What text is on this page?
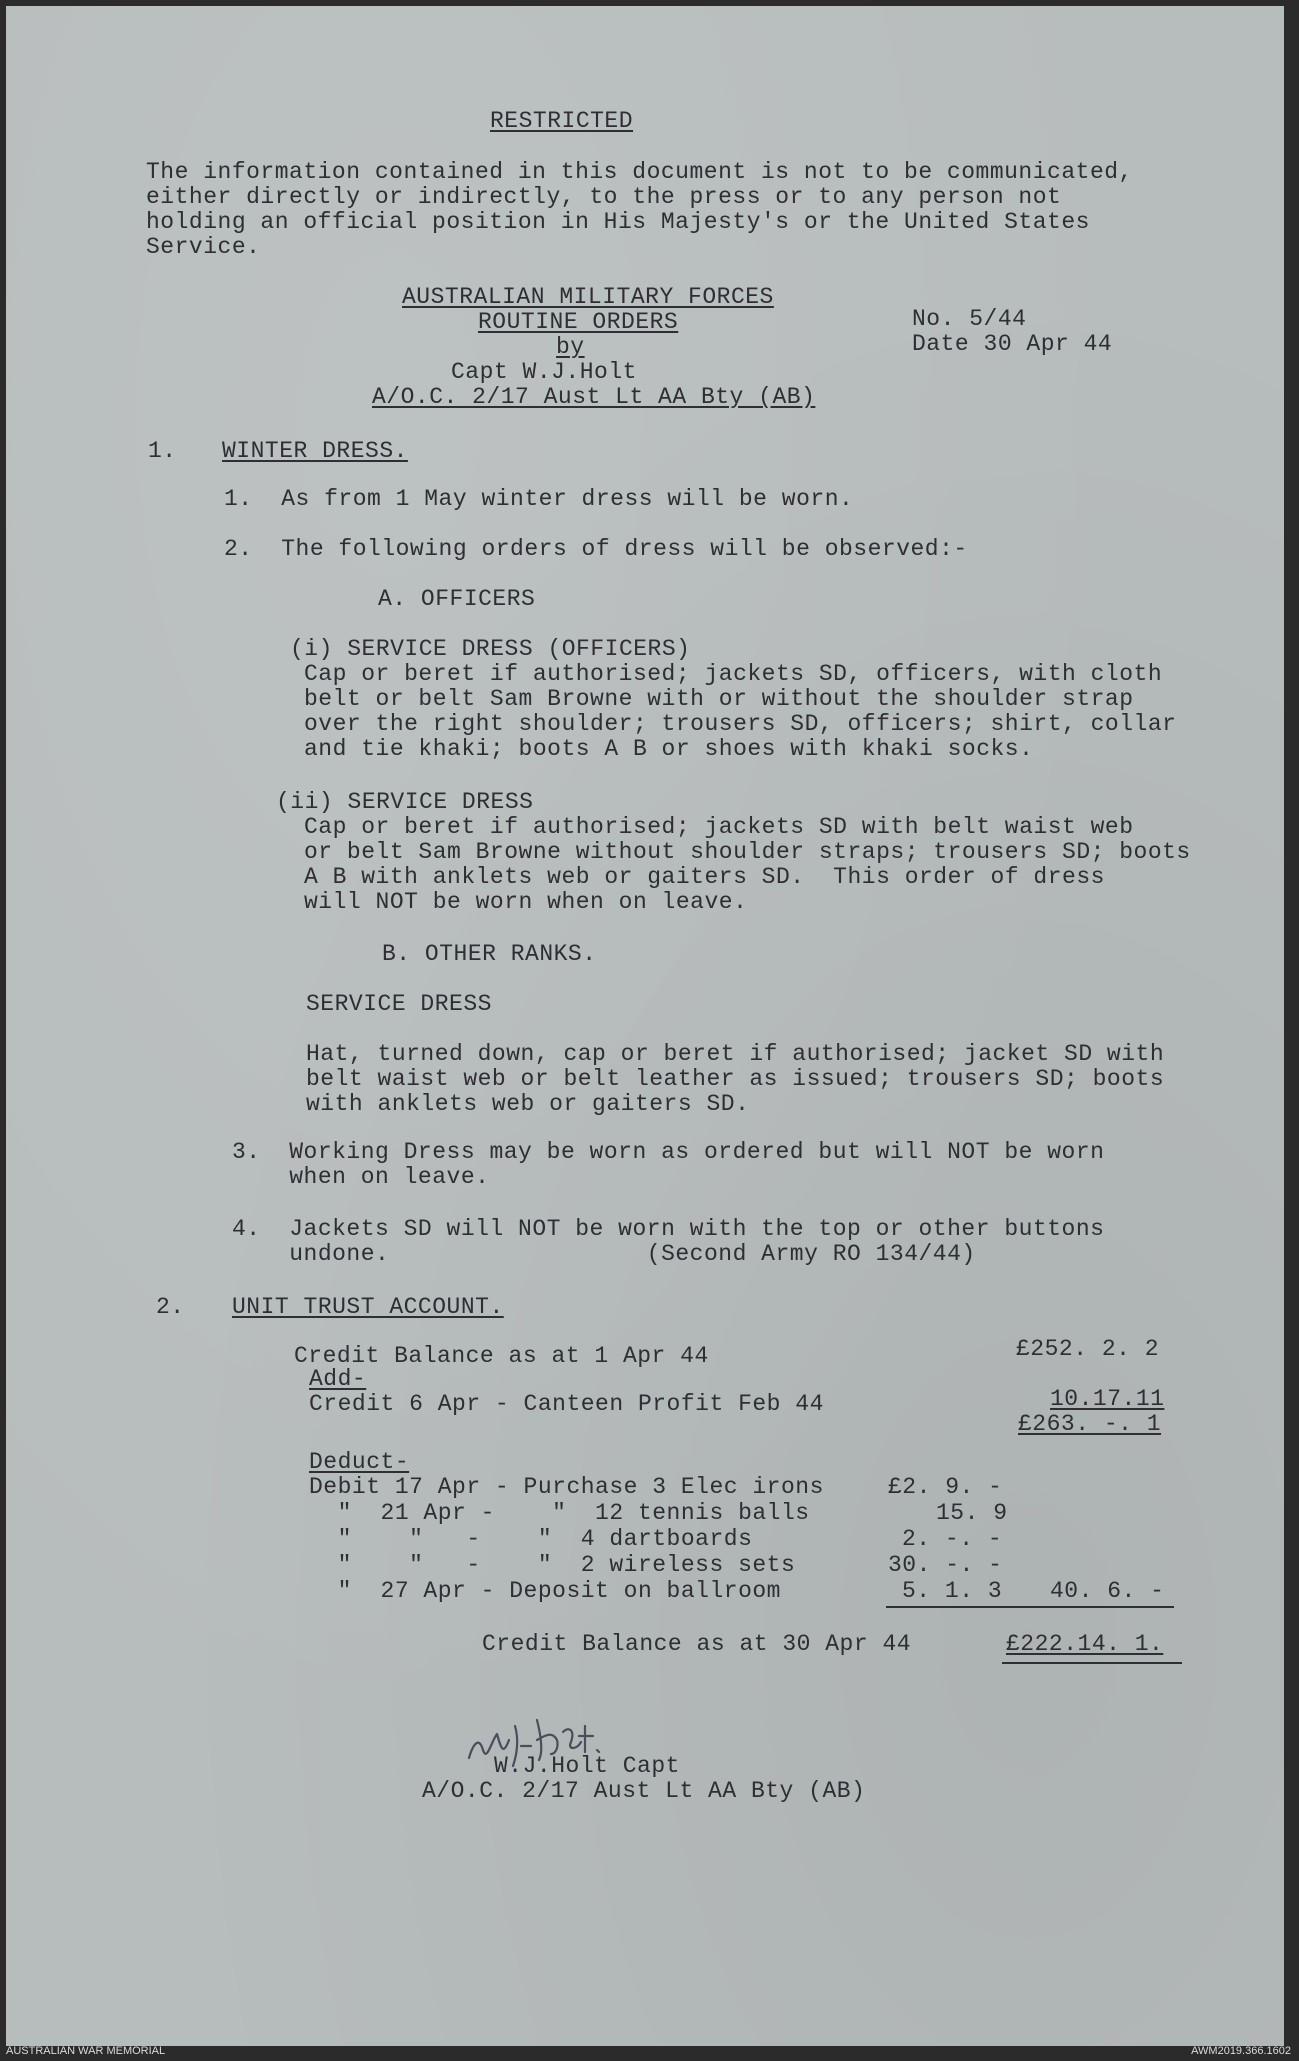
RESTRICTED
The information contained in this document is not to be communicated,
either directly or indirectly, to the press or to any person not
holding an official position in His Majesty's or the United States
Service.
AUSTRALIAN MILITARY FORCES
ROUTINE ORDERS
by
Capt W.J.Holt
A/O.C. 2/17 Aust Lt AA Bty (AB)
No. 5/44
Date 30 Apr 44
1. WINTER DRESS.
1.  As from 1 May winter dress will be worn.
2.  The following orders of dress will be observed:-
A. OFFICERS
(i) SERVICE DRESS (OFFICERS)
Cap or beret if authorised; jackets SD, officers, with cloth
belt or belt Sam Browne with or without the shoulder strap
over the right shoulder; trousers SD, officers; shirt, collar
and tie khaki; boots A B or shoes with khaki socks.
(ii) SERVICE DRESS
Cap or beret if authorised; jackets SD with belt waist web
or belt Sam Browne without shoulder straps; trousers SD; boots
A B with anklets web or gaiters SD.  This order of dress
will NOT be worn when on leave.
B. OTHER RANKS.
SERVICE DRESS
Hat, turned down, cap or beret if authorised; jacket SD with
belt waist web or belt leather as issued; trousers SD; boots
with anklets web or gaiters SD.
3.  Working Dress may be worn as ordered but will NOT be worn
when on leave.
4.  Jackets SD will NOT be worn with the top or other buttons
undone.                  (Second Army RO 134/44)
2. UNIT TRUST ACCOUNT.
Credit Balance as at 1 Apr 44	£252. 2. 2
Add-
Credit 6 Apr - Canteen Profit Feb 44	10.17.11
£263. -. 1
Deduct-
Debit 17 Apr - Purchase 3 Elec irons	£2. 9. -
"  21 Apr -    "  12 tennis balls	15. 9
"    "   -    "  4 dartboards	2. -. -
"    "   -    "  2 wireless sets	30. -. -
"  27 Apr - Deposit on ballroom	5. 1. 3 40. 6. -
Credit Balance as at 30 Apr 44	£222.14. 1.
W.J.Holt Capt
A/O.C. 2/17 Aust Lt AA Bty (AB)
AUSTRALIAN WAR MEMORIAL	AWM2019.366.1602
